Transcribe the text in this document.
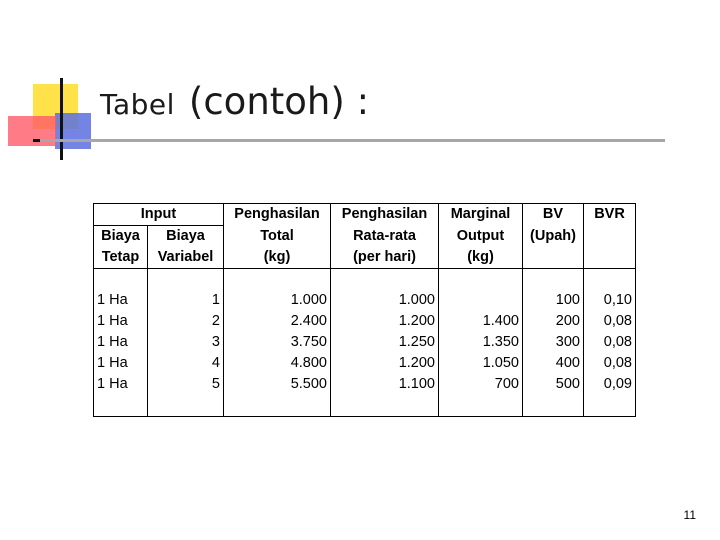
Tabel (contoh) :
Input		Penghasilan	Penghasilan	Marginal	BV	BVR
Biaya	Biaya	Total	Rata-rata	Output	(Upah)	
Tetap	Variabel	(kg)	(per hari)	(kg)		

1 Ha	1	1.000	1.000		100	0,10
1 Ha	2	2.400	1.200	1.400	200	0,08
1 Ha	3	3.750	1.250	1.350	300	0,08
1 Ha	4	4.800	1.200	1.050	400	0,08
1 Ha	5	5.500	1.100	700	500	0,09

11
